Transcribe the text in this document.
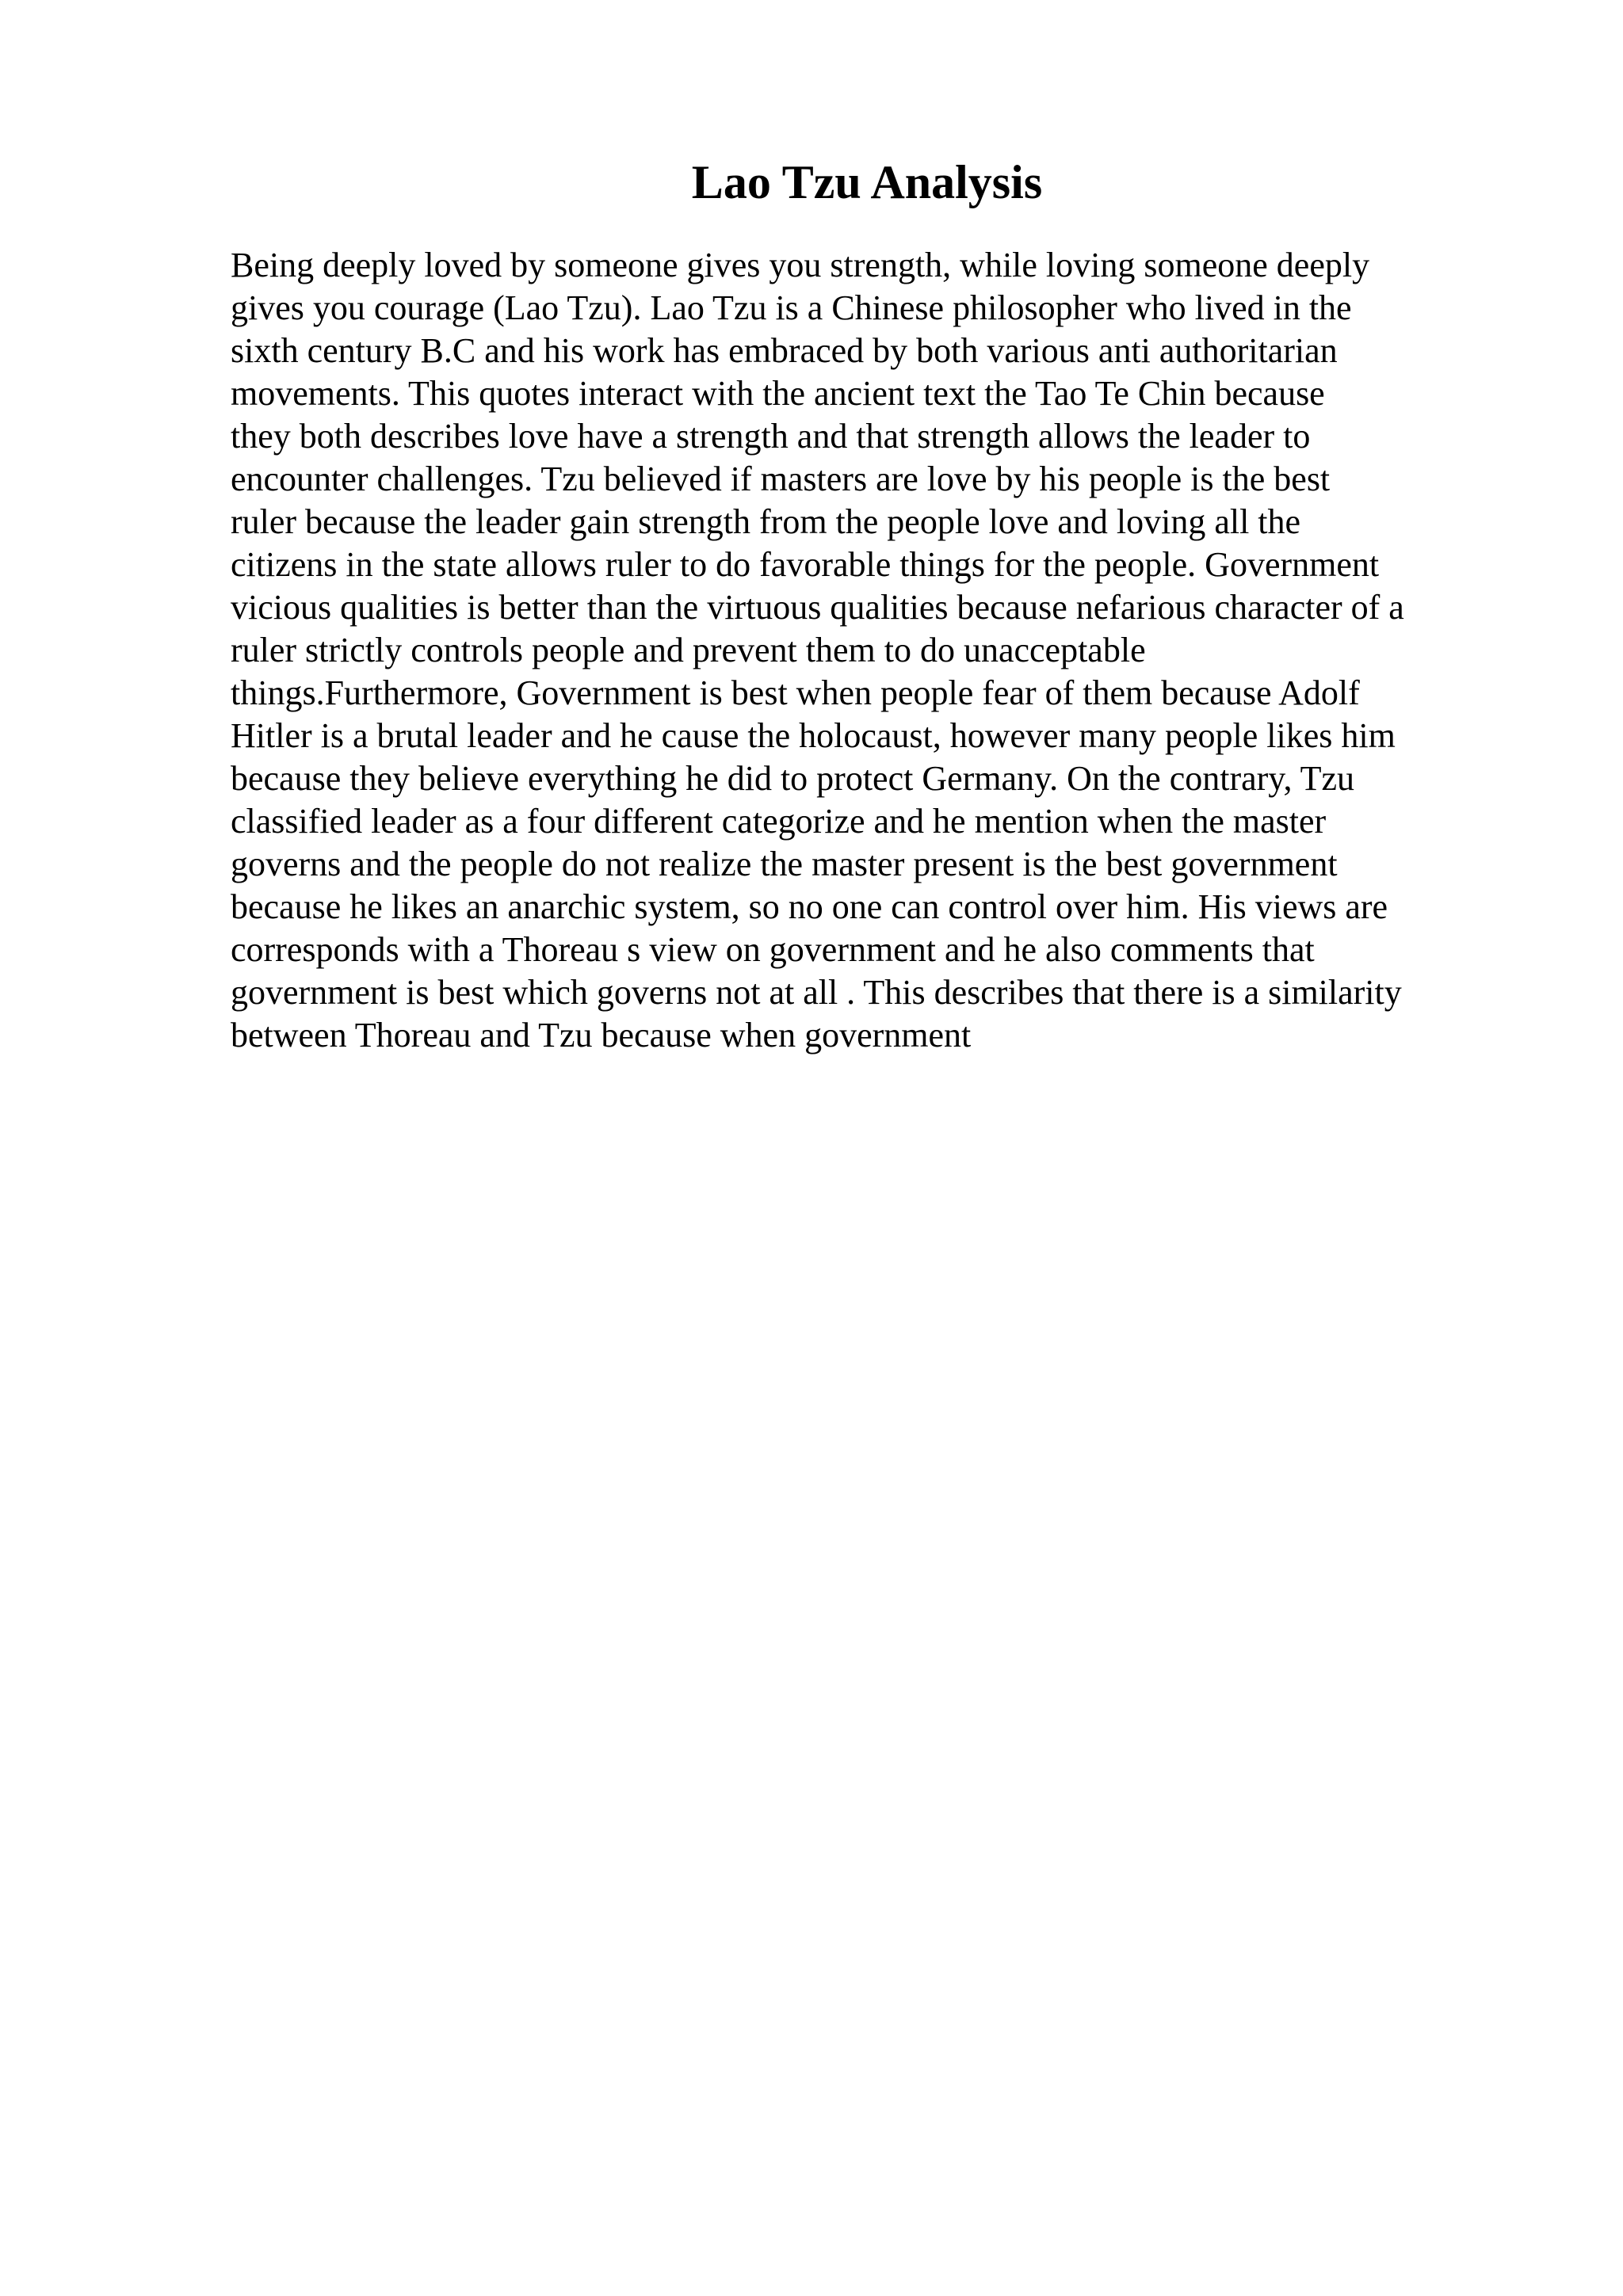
Lao Tzu Analysis
Being deeply loved by someone gives you strength, while loving someone deeply
gives you courage (Lao Tzu). Lao Tzu is a Chinese philosopher who lived in the
sixth century B.C and his work has embraced by both various anti authoritarian
movements. This quotes interact with the ancient text the Tao Te Chin because
they both describes love have a strength and that strength allows the leader to
encounter challenges. Tzu believed if masters are love by his people is the best
ruler because the leader gain strength from the people love and loving all the
citizens in the state allows ruler to do favorable things for the people. Government
vicious qualities is better than the virtuous qualities because nefarious character of a
ruler strictly controls people and prevent them to do unacceptable
things.Furthermore, Government is best when people fear of them because Adolf
Hitler is a brutal leader and he cause the holocaust, however many people likes him
because they believe everything he did to protect Germany. On the contrary, Tzu
classified leader as a four different categorize and he mention when the master
governs and the people do not realize the master present is the best government
because he likes an anarchic system, so no one can control over him. His views are
corresponds with a Thoreau s view on government and he also comments that
government is best which governs not at all . This describes that there is a similarity
between Thoreau and Tzu because when government
